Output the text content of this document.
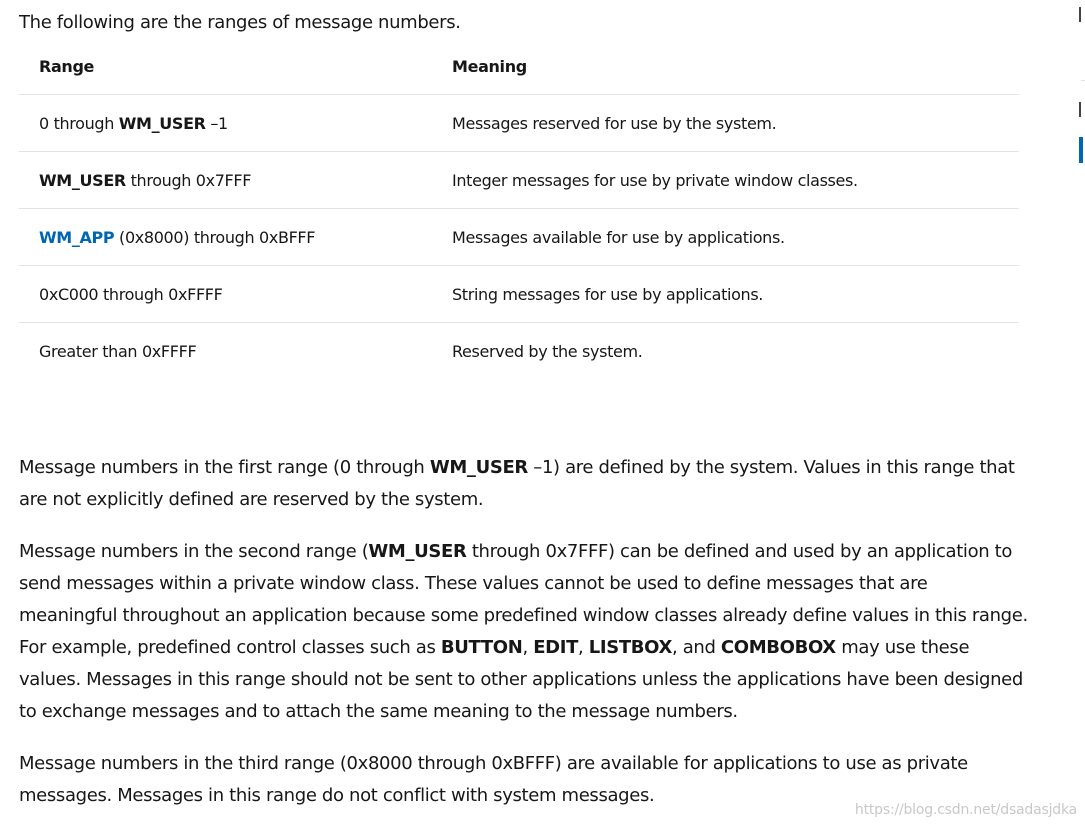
The following are the ranges of message numbers.
Range	Meaning
0 through WM_USER –1	Messages reserved for use by the system.
WM_USER through 0x7FFF	Integer messages for use by private window classes.
WM_APP (0x8000) through 0xBFFF	Messages available for use by applications.
0xC000 through 0xFFFF	String messages for use by applications.
Greater than 0xFFFF	Reserved by the system.

Message numbers in the first range (0 through WM_USER –1) are defined by the system. Values in this range that are not explicitly defined are reserved by the system.

Message numbers in the second range (WM_USER through 0x7FFF) can be defined and used by an application to send messages within a private window class. These values cannot be used to define messages that are meaningful throughout an application because some predefined window classes already define values in this range. For example, predefined control classes such as BUTTON, EDIT, LISTBOX, and COMBOBOX may use these values. Messages in this range should not be sent to other applications unless the applications have been designed to exchange messages and to attach the same meaning to the message numbers.

Message numbers in the third range (0x8000 through 0xBFFF) are available for applications to use as private messages. Messages in this range do not conflict with system messages.

https://blog.csdn.net/dsadasjdka
